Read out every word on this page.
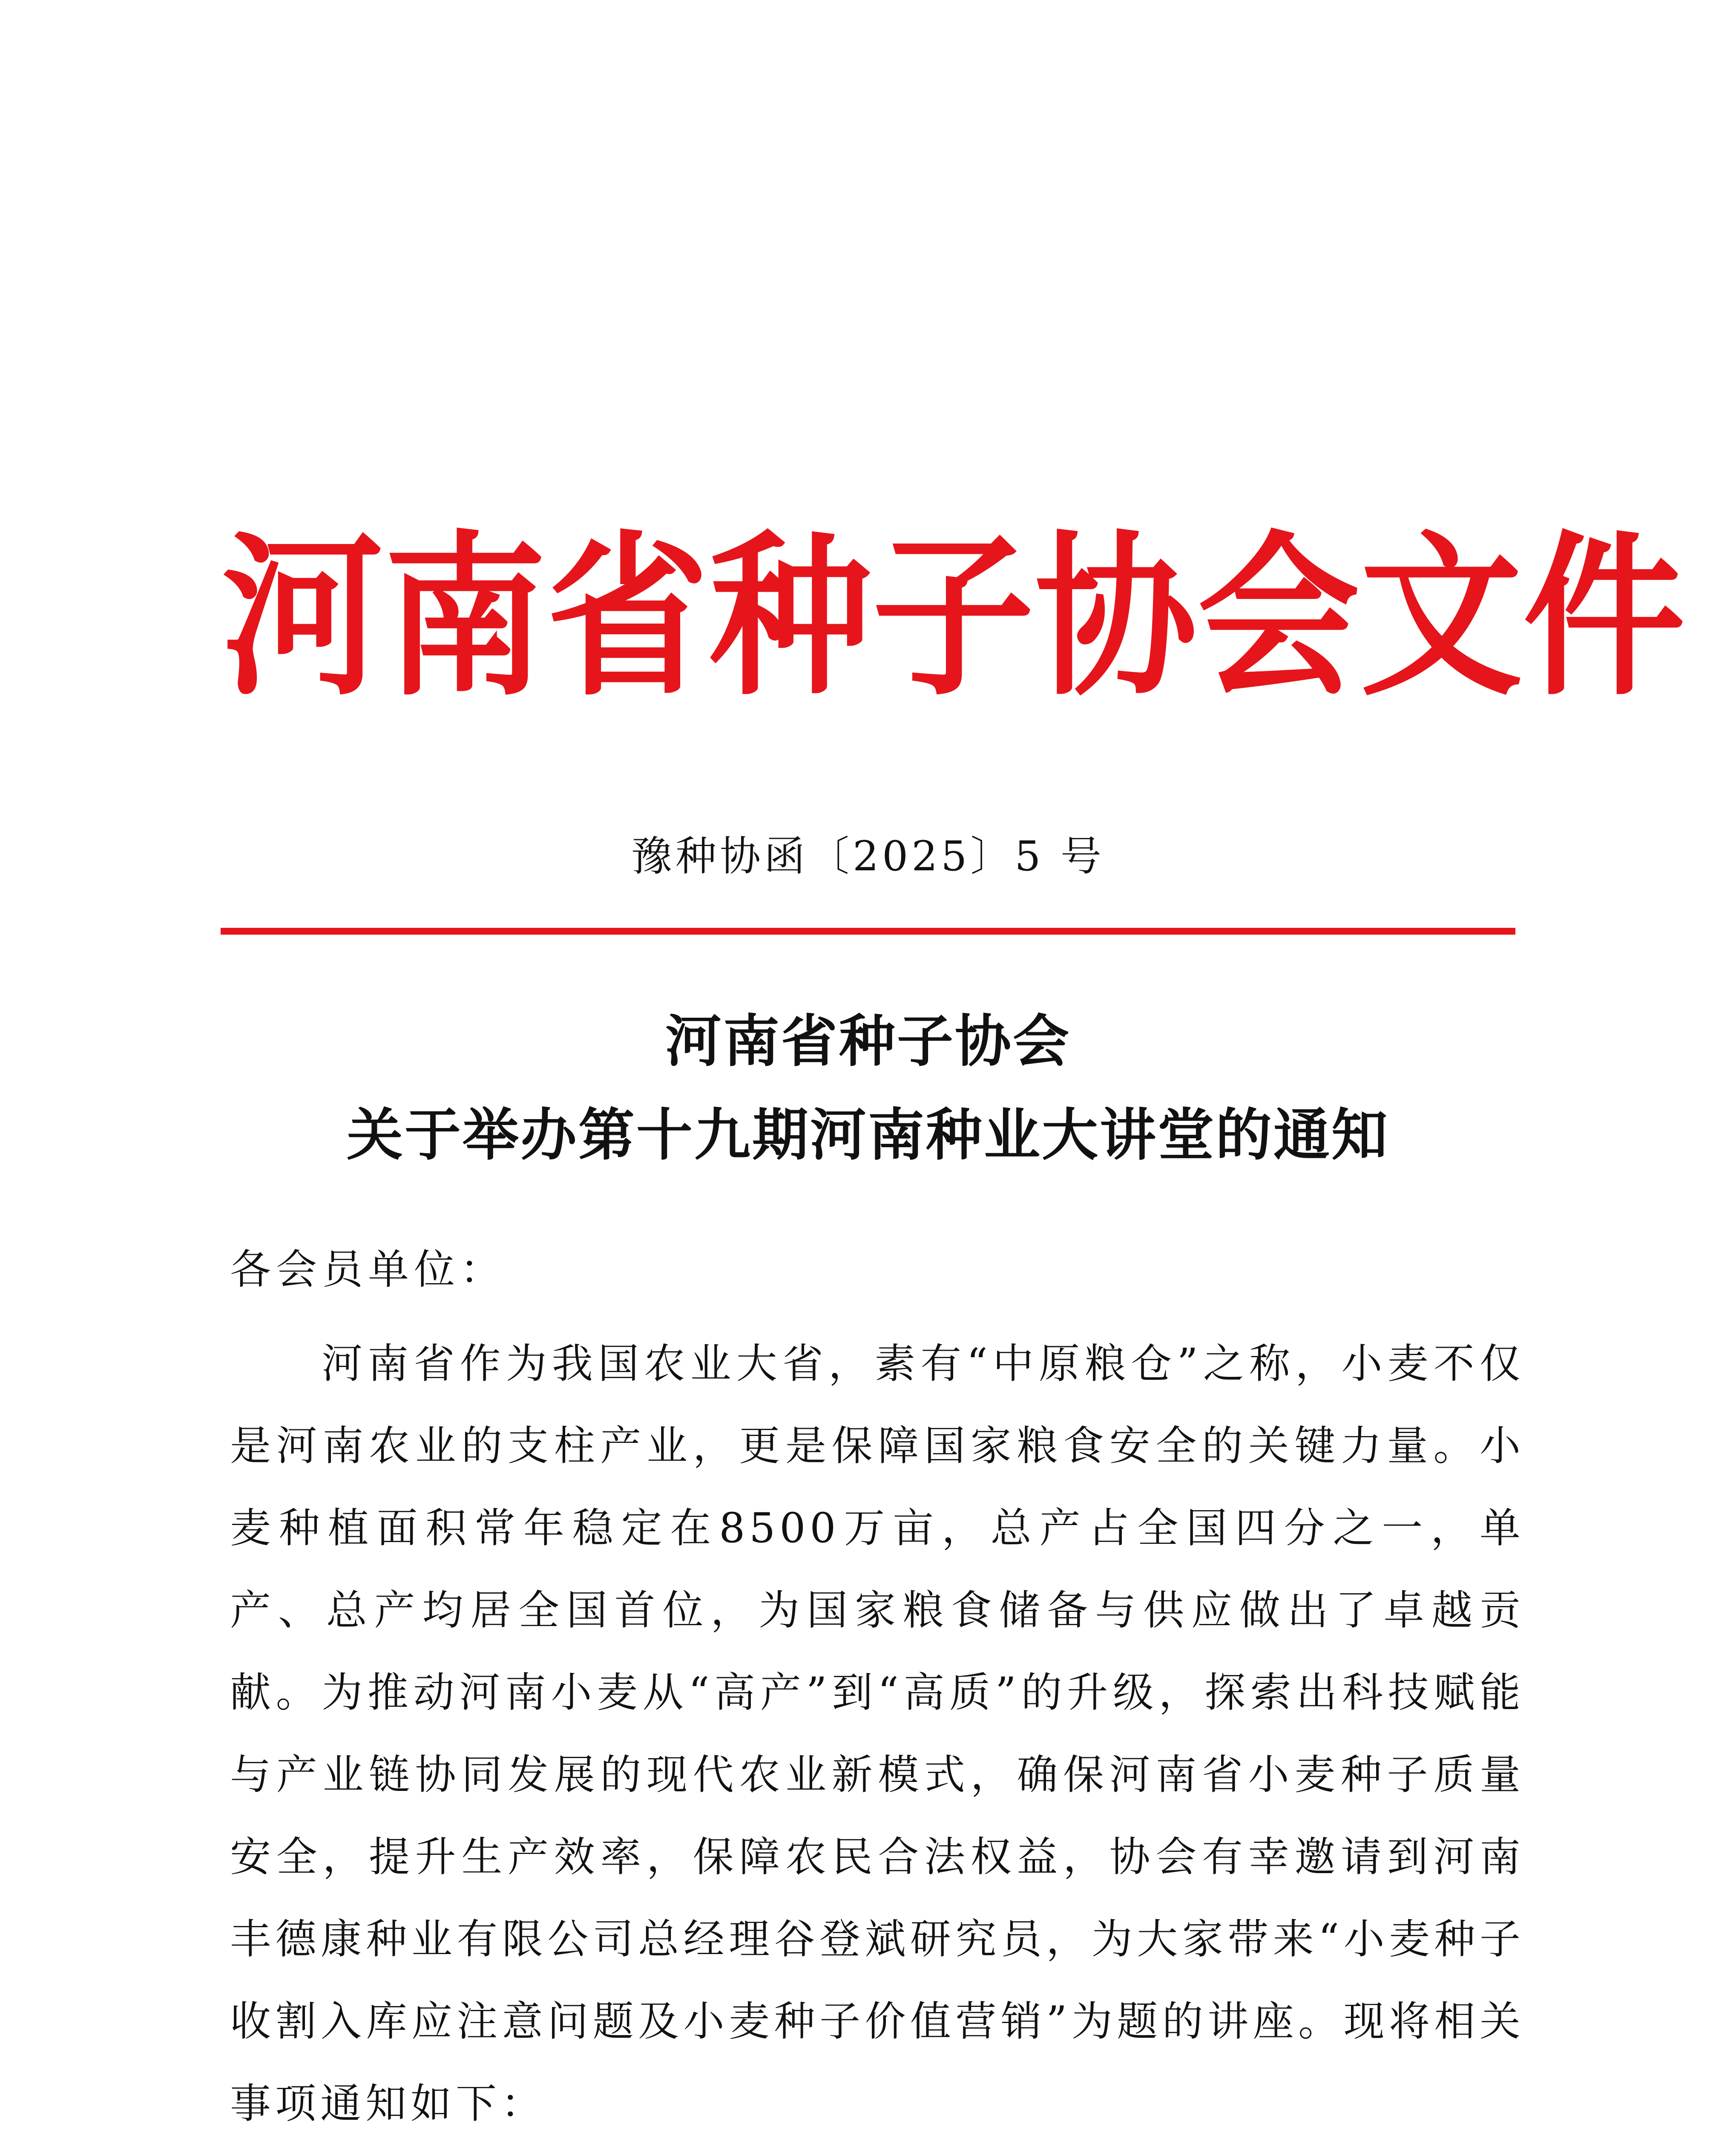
河南省种子协会文件
豫种协函〔2025〕5 号
河南省种子协会
关于举办第十九期河南种业大讲堂的通知
各会员单位：

河南省作为我国农业大省，素有“中原粮仓”之称，小麦不仅是河南农业的支柱产业，更是保障国家粮食安全的关键力量。小麦种植面积常年稳定在8500万亩，总产占全国四分之一，单产、总产均居全国首位，为国家粮食储备与供应做出了卓越贡献。为推动河南小麦从“高产”到“高质”的升级，探索出科技赋能与产业链协同发展的现代农业新模式，确保河南省小麦种子质量安全，提升生产效率，保障农民合法权益，协会有幸邀请到河南丰德康种业有限公司总经理谷登斌研究员，为大家带来“小麦种子收割入库应注意问题及小麦种子价值营销”为题的讲座。现将相关事项通知如下：
